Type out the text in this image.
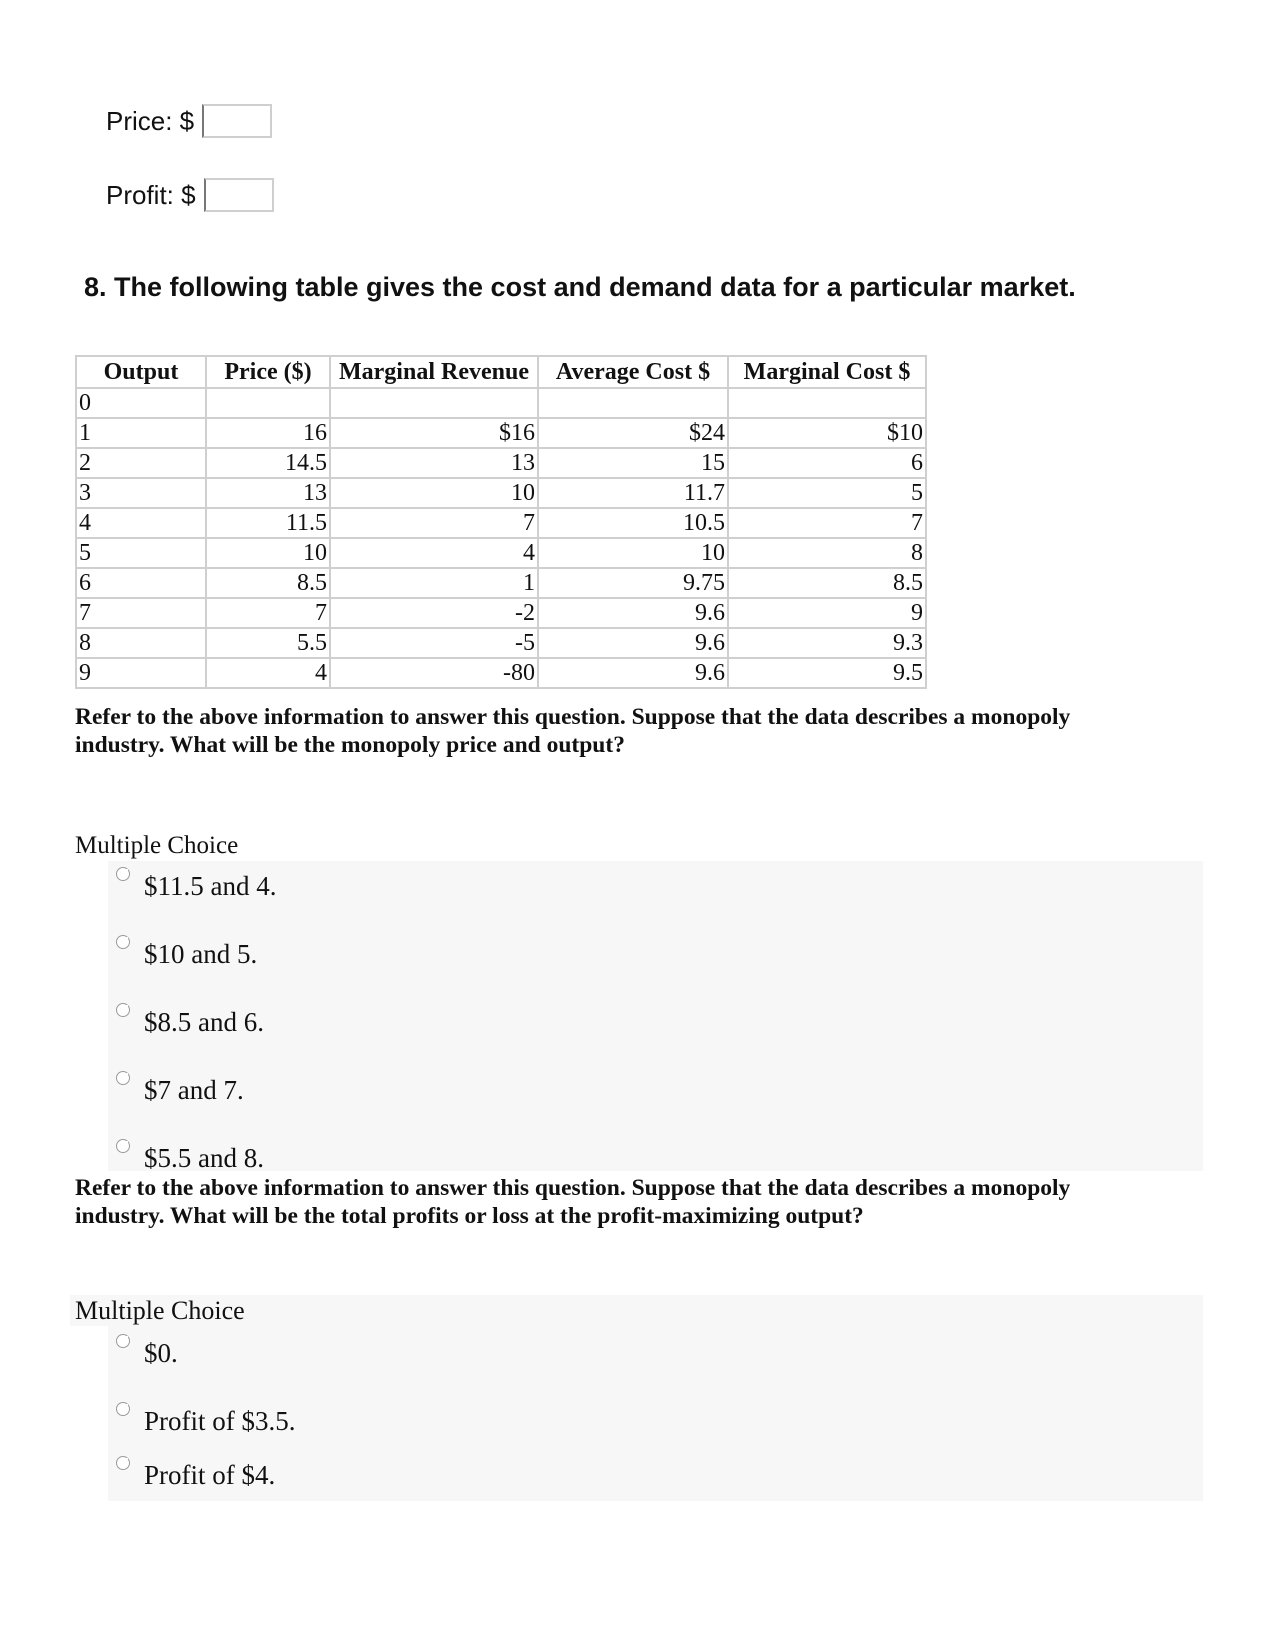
Price: $
Profit: $
8. The following table gives the cost and demand data for a particular market.
Output	Price ($)	Marginal Revenue	Average Cost $	Marginal Cost $
0				
1	16	$16	$24	$10
2	14.5	13	15	6
3	13	10	11.7	5
4	11.5	7	10.5	7
5	10	4	10	8
6	8.5	1	9.75	8.5
7	7	-2	9.6	9
8	5.5	-5	9.6	9.3
9	4	-80	9.6	9.5
Refer to the above information to answer this question. Suppose that the data describes a monopoly industry. What will be the monopoly price and output?
Multiple Choice
$11.5 and 4.
$10 and 5.
$8.5 and 6.
$7 and 7.
$5.5 and 8.
Refer to the above information to answer this question. Suppose that the data describes a monopoly industry. What will be the total profits or loss at the profit-maximizing output?
Multiple Choice
$0.
Profit of $3.5.
Profit of $4.
